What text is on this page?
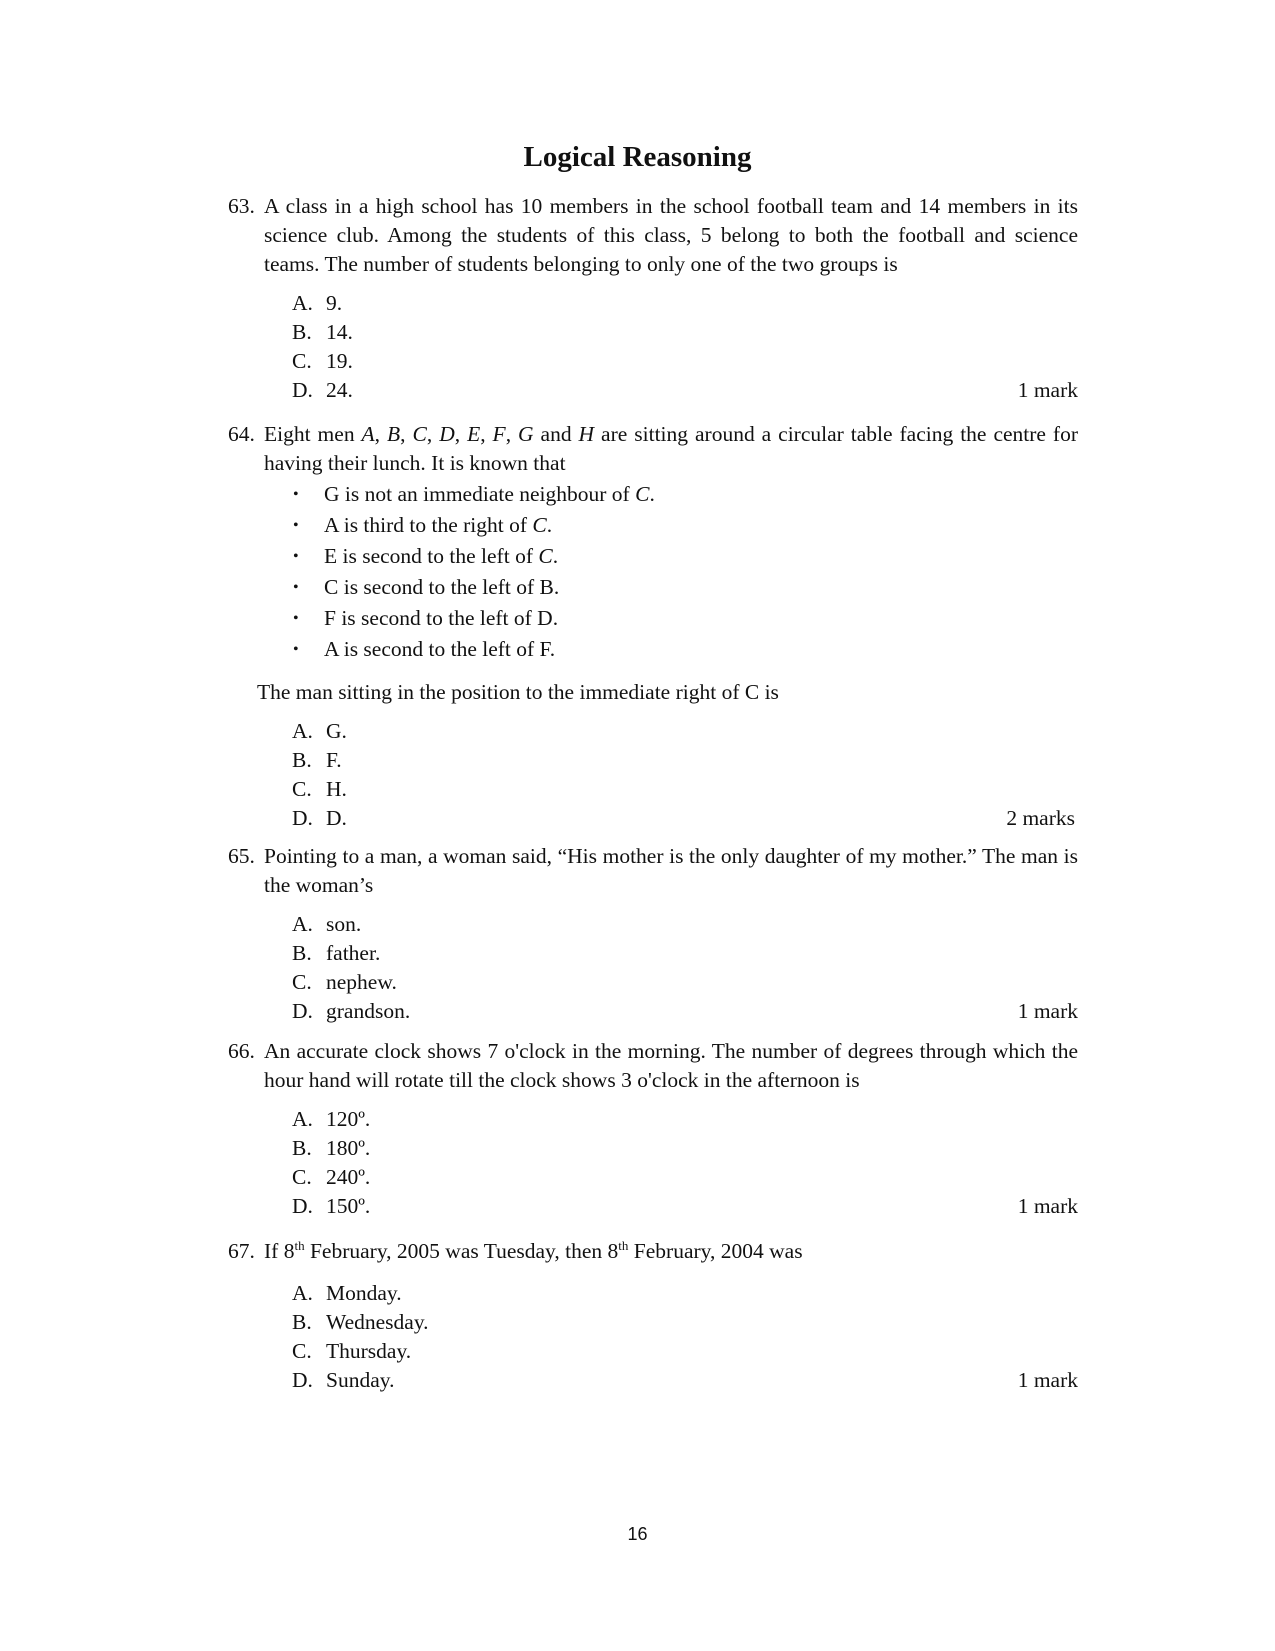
Logical Reasoning
63. A class in a high school has 10 members in the school football team and 14 members in its science club. Among the students of this class, 5 belong to both the football and science teams. The number of students belonging to only one of the two groups is
A. 9.
B. 14.
C. 19.
D. 24.	1 mark
64. Eight men A, B, C, D, E, F, G and H are sitting around a circular table facing the centre for having their lunch. It is known that
• G is not an immediate neighbour of C.
• A is third to the right of C.
• E is second to the left of C.
• C is second to the left of B.
• F is second to the left of D.
• A is second to the left of F.
The man sitting in the position to the immediate right of C is
A. G.
B. F.
C. H.
D. D.	2 marks
65. Pointing to a man, a woman said, “His mother is the only daughter of my mother.” The man is the woman’s
A. son.
B. father.
C. nephew.
D. grandson.	1 mark
66. An accurate clock shows 7 o'clock in the morning. The number of degrees through which the hour hand will rotate till the clock shows 3 o'clock in the afternoon is
A. 120º.
B. 180º.
C. 240º.
D. 150º.	1 mark
67. If 8th February, 2005 was Tuesday, then 8th February, 2004 was
A. Monday.
B. Wednesday.
C. Thursday.
D. Sunday.	1 mark
16
